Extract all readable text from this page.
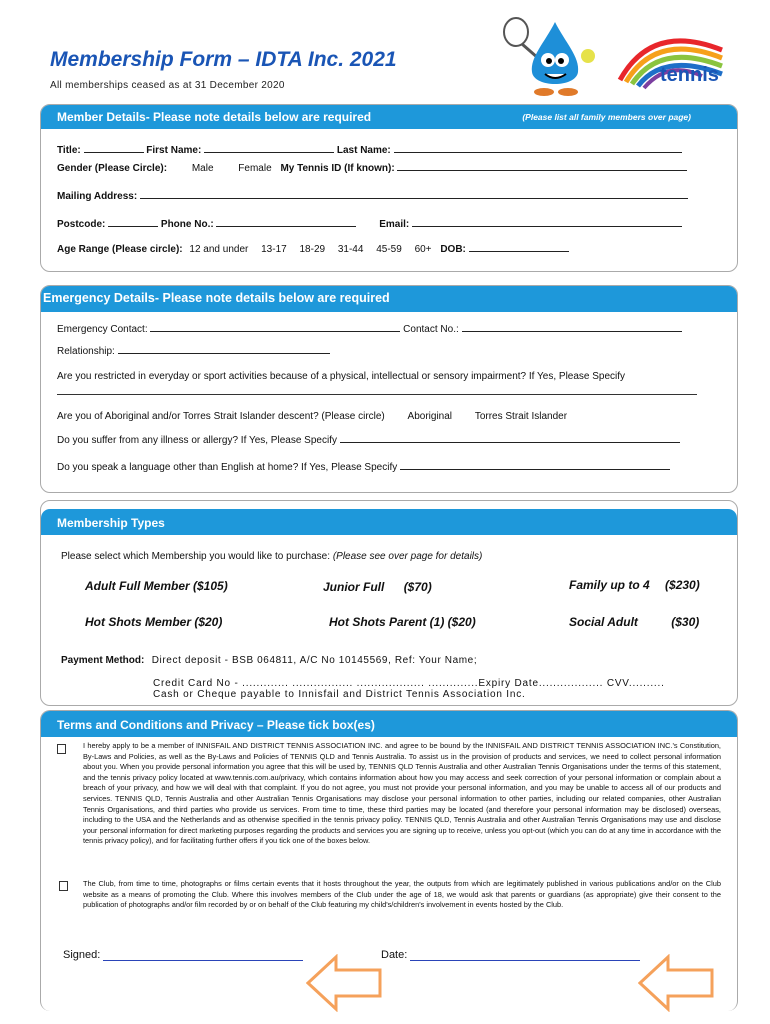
Membership Form – IDTA Inc. 2021
All memberships ceased as at 31 December 2020	tennis
Member Details- Please note details below are required	(Please list all family members over page)
Title:	First Name:	Last Name:
Gender (Please Circle): Male Female My Tennis ID (If known):
Mailing Address:
Postcode:	Phone No.:	Email:
Age Range (Please circle): 12 and under 13-17 18-29 31-44 45-59 60+ DOB:
Emergency Details- Please note details below are required
Emergency Contact:	Contact No.:
Relationship:
Are you restricted in everyday or sport activities because of a physical, intellectual or sensory impairment? If Yes, Please Specify
Are you of Aboriginal and/or Torres Strait Islander descent? (Please circle) Aboriginal Torres Strait Islander
Do you suffer from any illness or allergy? If Yes, Please Specify
Do you speak a language other than English at home? If Yes, Please Specify
Membership Types
Please select which Membership you would like to purchase: (Please see over page for details)
Adult Full Member ($105)	Junior Full ($70)	Family up to 4 ($230)
Hot Shots Member ($20)	Hot Shots Parent (1) ($20)	Social Adult	($30)
Payment Method: Direct deposit - BSB 064811, A/C No 10145569, Ref: Your Name;
Credit Card No - ............. ................. ................... ..............Expiry Date.................. CVV..........
Cash or Cheque payable to Innisfail and District Tennis Association Inc.
Terms and Conditions and Privacy – Please tick box(es)
I hereby apply to be a member of INNISFAIL AND DISTRICT TENNIS ASSOCIATION INC. and agree to be bound by the INNISFAIL AND DISTRICT TENNIS ASSOCIATION INC.'s Constitution, By-Laws and Policies, as well as the By-Laws and Policies of TENNIS QLD and Tennis Australia. To assist us in the provision of products and services, we need to collect personal information about you. When you provide personal information you agree that this will be used by, TENNIS QLD Tennis Australia and other Australian Tennis Organisations under the terms of this statement, and the tennis privacy policy located at www.tennis.com.au/privacy, which contains information about how you may access and seek correction of your personal information or complain about a breach of your privacy, and how we will deal with that complaint. If you do not agree, you must not provide your personal information, and you may be unable to access all of our products and services. TENNIS QLD, Tennis Australia and other Australian Tennis Organisations may disclose your personal information to other parties, including our related companies, other Australian Tennis Organisations, and third parties who provide us services. From time to time, these third parties may be located (and therefore your personal information may be disclosed) overseas, including to the USA and the Netherlands and as otherwise specified in the tennis privacy policy. TENNIS QLD, Tennis Australia and other Australian Tennis Organisations may use and disclose your personal information for direct marketing purposes regarding the products and services you are signing up to receive, unless you opt-out (which you can do at any time in accordance with the tennis privacy policy), and for facilitating further offers if you tick one of the boxes below.
The Club, from time to time, photographs or films certain events that it hosts throughout the year, the outputs from which are legitimately published in various publications and/or on the Club website as a means of promoting the Club. Where this involves members of the Club under the age of 18, we would ask that parents or guardians (as appropriate) give their consent to the publication of photographs and/or film recorded by or on behalf of the Club featuring my child's/children's involvement in events hosted by the Club.
Signed:	Date:
